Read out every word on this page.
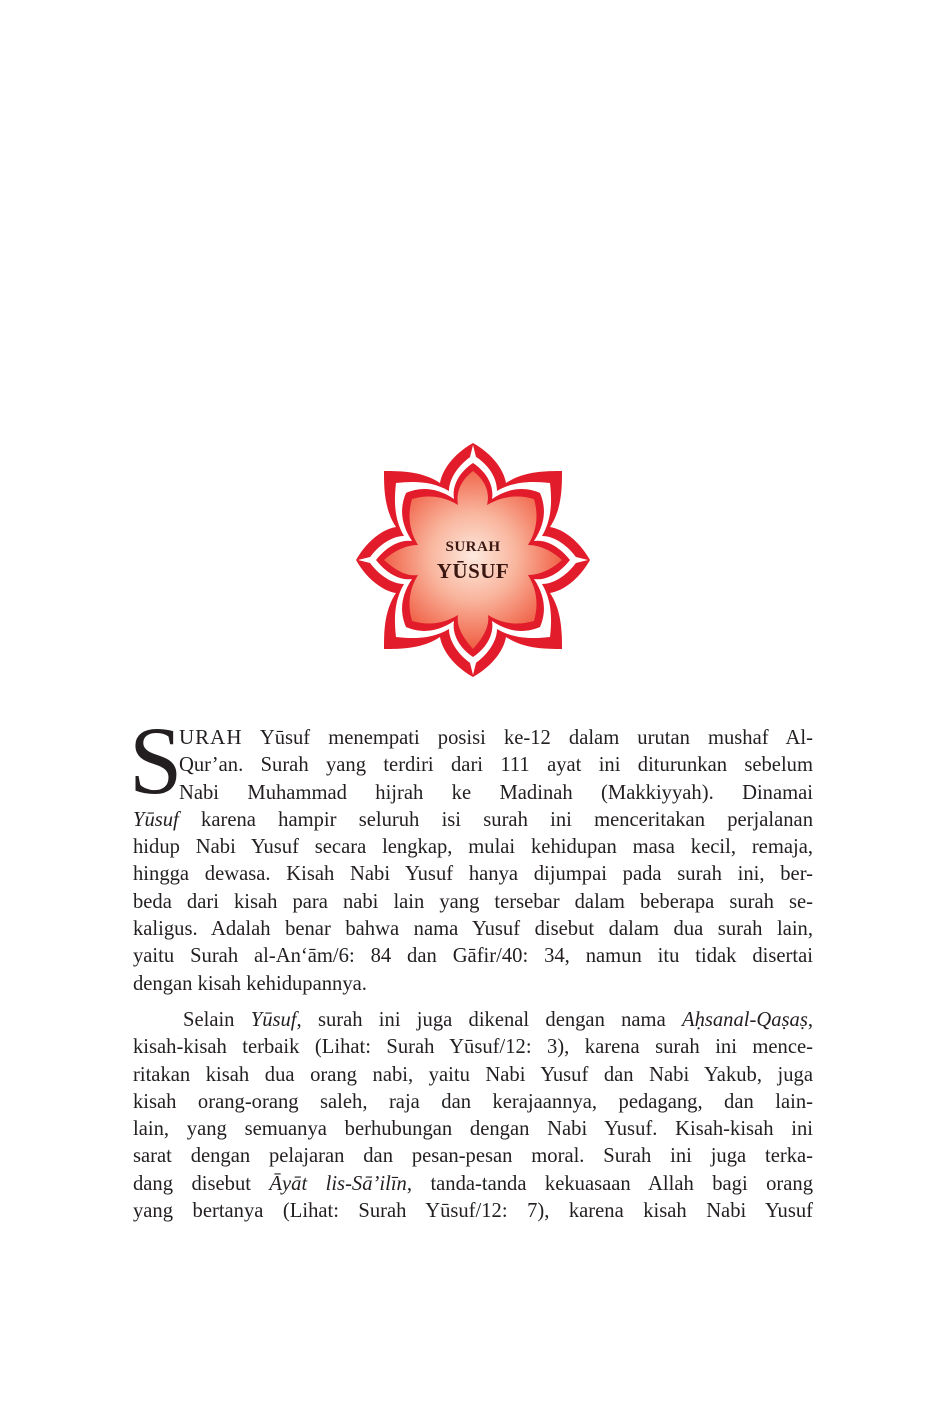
SURAH
YŪSUF
S
URAH Yūsuf menempati posisi ke-12 dalam urutan mushaf Al-
Qur’an. Surah yang terdiri dari 111 ayat ini diturunkan sebelum
Nabi Muhammad hijrah ke Madinah (Makkiyyah). Dinamai
Yūsuf karena hampir seluruh isi surah ini menceritakan perjalanan
hidup Nabi Yusuf secara lengkap, mulai kehidupan masa kecil, remaja,
hingga dewasa. Kisah Nabi Yusuf hanya dijumpai pada surah ini, ber-
beda dari kisah para nabi lain yang tersebar dalam beberapa surah se-
kaligus. Adalah benar bahwa nama Yusuf disebut dalam dua surah lain,
yaitu Surah al-An‘ām/6: 84 dan Gāfir/40: 34, namun itu tidak disertai
dengan kisah kehidupannya.
Selain Yūsuf, surah ini juga dikenal dengan nama Aḥsanal-Qaṣaṣ,
kisah-kisah terbaik (Lihat: Surah Yūsuf/12: 3), karena surah ini mence-
ritakan kisah dua orang nabi, yaitu Nabi Yusuf dan Nabi Yakub, juga
kisah orang-orang saleh, raja dan kerajaannya, pedagang, dan lain-
lain, yang semuanya berhubungan dengan Nabi Yusuf. Kisah-kisah ini
sarat dengan pelajaran dan pesan-pesan moral. Surah ini juga terka-
dang disebut Āyāt lis-Sā’ilīn, tanda-tanda kekuasaan Allah bagi orang
yang bertanya (Lihat: Surah Yūsuf/12: 7), karena kisah Nabi Yusuf
